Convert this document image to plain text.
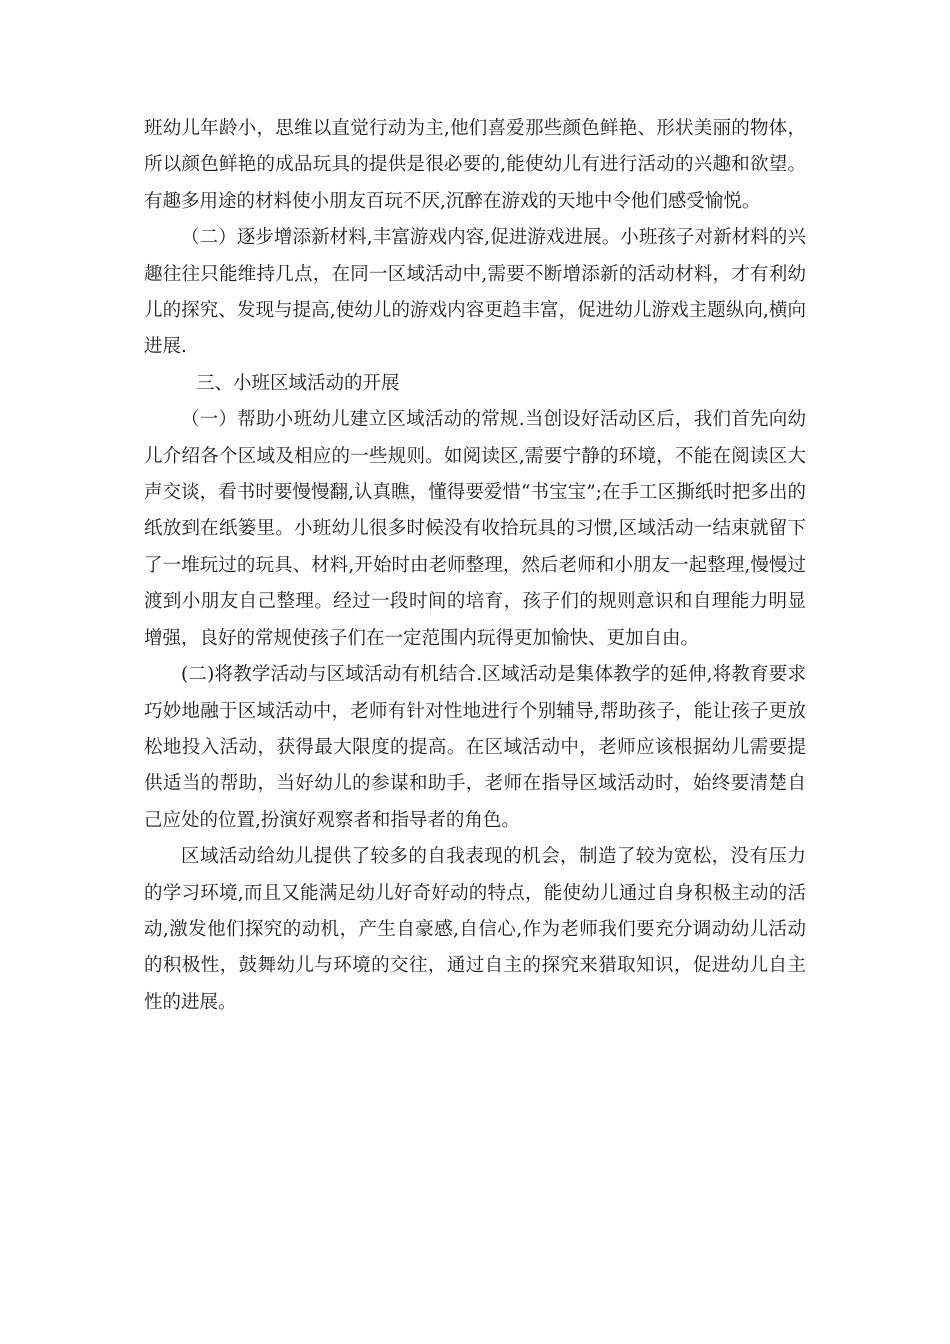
班幼儿年龄小，思维以直觉行动为主,他们喜爱那些颜色鲜艳、形状美丽的物体，所以颜色鲜艳的成品玩具的提供是很必要的,能使幼儿有进行活动的兴趣和欲望。有趣多用途的材料使小朋友百玩不厌,沉醉在游戏的天地中令他们感受愉悦。

（二）逐步增添新材料,丰富游戏内容,促进游戏进展。小班孩子对新材料的兴趣往往只能维持几点，在同一区域活动中,需要不断增添新的活动材料，才有利幼儿的探究、发现与提高,使幼儿的游戏内容更趋丰富，促进幼儿游戏主题纵向,横向进展.

三、小班区域活动的开展

（一）帮助小班幼儿建立区域活动的常规.当创设好活动区后，我们首先向幼儿介绍各个区域及相应的一些规则。如阅读区,需要宁静的环境，不能在阅读区大声交谈，看书时要慢慢翻,认真瞧，懂得要爱惜“书宝宝”;在手工区撕纸时把多出的纸放到在纸篓里。小班幼儿很多时候没有收拾玩具的习惯,区域活动一结束就留下了一堆玩过的玩具、材料,开始时由老师整理，然后老师和小朋友一起整理,慢慢过渡到小朋友自己整理。经过一段时间的培育，孩子们的规则意识和自理能力明显增强，良好的常规使孩子们在一定范围内玩得更加愉快、更加自由。

(二)将教学活动与区域活动有机结合.区域活动是集体教学的延伸,将教育要求巧妙地融于区域活动中，老师有针对性地进行个别辅导,帮助孩子，能让孩子更放松地投入活动，获得最大限度的提高。在区域活动中，老师应该根据幼儿需要提供适当的帮助，当好幼儿的参谋和助手，老师在指导区域活动时，始终要清楚自己应处的位置,扮演好观察者和指导者的角色。

区域活动给幼儿提供了较多的自我表现的机会，制造了较为宽松，没有压力的学习环境,而且又能满足幼儿好奇好动的特点，能使幼儿通过自身积极主动的活动,激发他们探究的动机，产生自豪感,自信心,作为老师我们要充分调动幼儿活动的积极性，鼓舞幼儿与环境的交往，通过自主的探究来猎取知识，促进幼儿自主性的进展。
